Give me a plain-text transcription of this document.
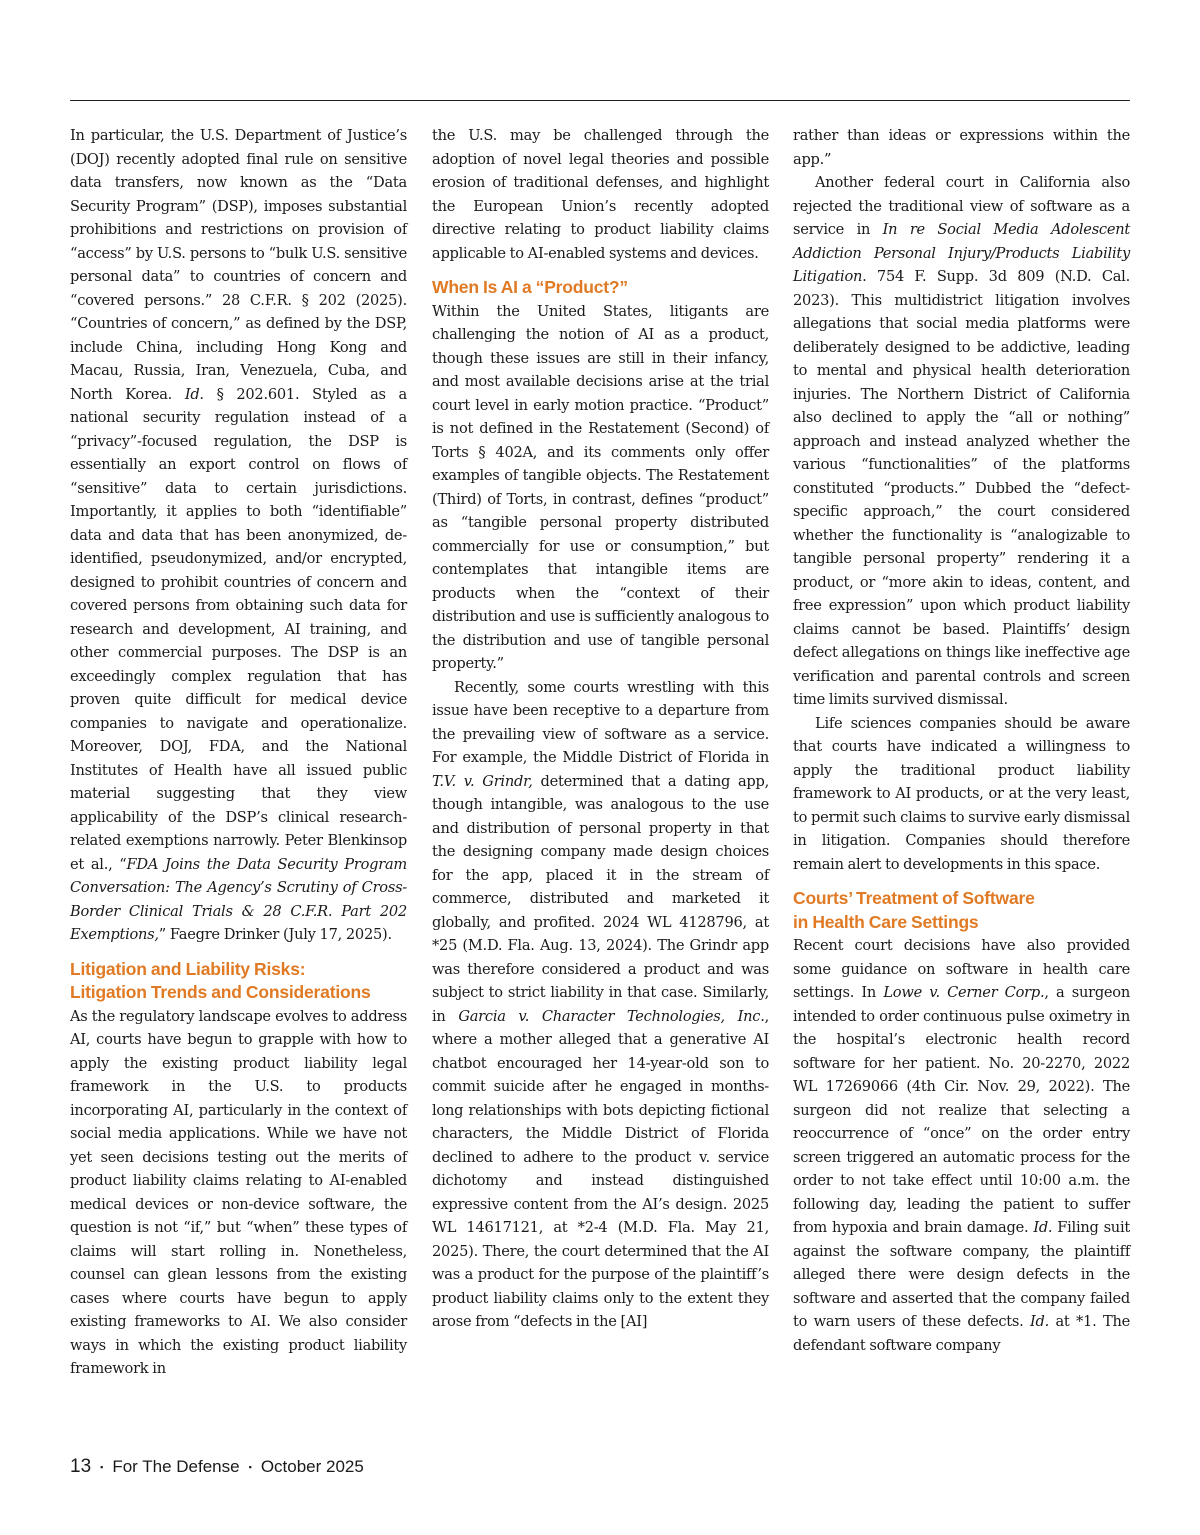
In particular, the U.S. Department of Justice’s (DOJ) recently adopted final rule on sensitive data transfers, now known as the “Data Security Program” (DSP), imposes substantial prohibitions and restrictions on provision of “access” by U.S. persons to “bulk U.S. sensitive personal data” to countries of concern and “covered persons.” 28 C.F.R. § 202 (2025). “Countries of concern,” as defined by the DSP, include China, including Hong Kong and Macau, Russia, Iran, Venezuela, Cuba, and North Korea. Id. § 202.601. Styled as a national security regulation instead of a “privacy”-focused regulation, the DSP is essentially an export control on flows of “sensitive” data to certain jurisdictions. Importantly, it applies to both “identifiable” data and data that has been anonymized, de-identified, pseudonymized, and/or encrypted, designed to prohibit countries of concern and covered persons from obtaining such data for research and development, AI training, and other commercial purposes. The DSP is an exceedingly complex regulation that has proven quite difficult for medical device companies to navigate and operationalize. Moreover, DOJ, FDA, and the National Institutes of Health have all issued public material suggesting that they view applicability of the DSP’s clinical research-related exemptions narrowly. Peter Blenkinsop et al., “FDA Joins the Data Security Program Conversation: The Agency’s Scrutiny of Cross-Border Clinical Trials & 28 C.F.R. Part 202 Exemptions,” Faegre Drinker (July 17, 2025).

Litigation and Liability Risks:
Litigation Trends and Considerations

As the regulatory landscape evolves to address AI, courts have begun to grapple with how to apply the existing product liability legal framework in the U.S. to products incorporating AI, particularly in the context of social media applications. While we have not yet seen decisions testing out the merits of product liability claims relating to AI-enabled medical devices or non-device software, the question is not “if,” but “when” these types of claims will start rolling in. Nonetheless, counsel can glean lessons from the existing cases where courts have begun to apply existing frameworks to AI. We also consider ways in which the existing product liability framework in

the U.S. may be challenged through the adoption of novel legal theories and possible erosion of traditional defenses, and highlight the European Union’s recently adopted directive relating to product liability claims applicable to AI-enabled systems and devices.

When Is AI a “Product?”

Within the United States, litigants are challenging the notion of AI as a product, though these issues are still in their infancy, and most available decisions arise at the trial court level in early motion practice. “Product” is not defined in the Restatement (Second) of Torts § 402A, and its comments only offer examples of tangible objects. The Restatement (Third) of Torts, in contrast, defines “product” as “tangible personal property distributed commercially for use or consumption,” but contemplates that intangible items are products when the “context of their distribution and use is sufficiently analogous to the distribution and use of tangible personal property.”

Recently, some courts wrestling with this issue have been receptive to a departure from the prevailing view of software as a service. For example, the Middle District of Florida in T.V. v. Grindr, determined that a dating app, though intangible, was analogous to the use and distribution of personal property in that the designing company made design choices for the app, placed it in the stream of commerce, distributed and marketed it globally, and profited. 2024 WL 4128796, at *25 (M.D. Fla. Aug. 13, 2024). The Grindr app was therefore considered a product and was subject to strict liability in that case. Similarly, in Garcia v. Character Technologies, Inc., where a mother alleged that a generative AI chatbot encouraged her 14-year-old son to commit suicide after he engaged in months-long relationships with bots depicting fictional characters, the Middle District of Florida declined to adhere to the product v. service dichotomy and instead distinguished expressive content from the AI’s design. 2025 WL 14617121, at *2-4 (M.D. Fla. May 21, 2025). There, the court determined that the AI was a product for the purpose of the plaintiff’s product liability claims only to the extent they arose from “defects in the [AI]

rather than ideas or expressions within the app.”

Another federal court in California also rejected the traditional view of software as a service in In re Social Media Adolescent Addiction Personal Injury/Products Liability Litigation. 754 F. Supp. 3d 809 (N.D. Cal. 2023). This multidistrict litigation involves allegations that social media platforms were deliberately designed to be addictive, leading to mental and physical health deterioration injuries. The Northern District of California also declined to apply the “all or nothing” approach and instead analyzed whether the various “functionalities” of the platforms constituted “products.” Dubbed the “defect-specific approach,” the court considered whether the functionality is “analogizable to tangible personal property” rendering it a product, or “more akin to ideas, content, and free expression” upon which product liability claims cannot be based. Plaintiffs’ design defect allegations on things like ineffective age verification and parental controls and screen time limits survived dismissal.

Life sciences companies should be aware that courts have indicated a willingness to apply the traditional product liability framework to AI products, or at the very least, to permit such claims to survive early dismissal in litigation. Companies should therefore remain alert to developments in this space.

Courts’ Treatment of Software
in Health Care Settings

Recent court decisions have also provided some guidance on software in health care settings. In Lowe v. Cerner Corp., a surgeon intended to order continuous pulse oximetry in the hospital’s electronic health record software for her patient. No. 20-2270, 2022 WL 17269066 (4th Cir. Nov. 29, 2022). The surgeon did not realize that selecting a reoccurrence of “once” on the order entry screen triggered an automatic process for the order to not take effect until 10:00 a.m. the following day, leading the patient to suffer from hypoxia and brain damage. Id. Filing suit against the software company, the plaintiff alleged there were design defects in the software and asserted that the company failed to warn users of these defects. Id. at *1. The defendant software company

13 ▪ For The Defense ▪ October 2025
